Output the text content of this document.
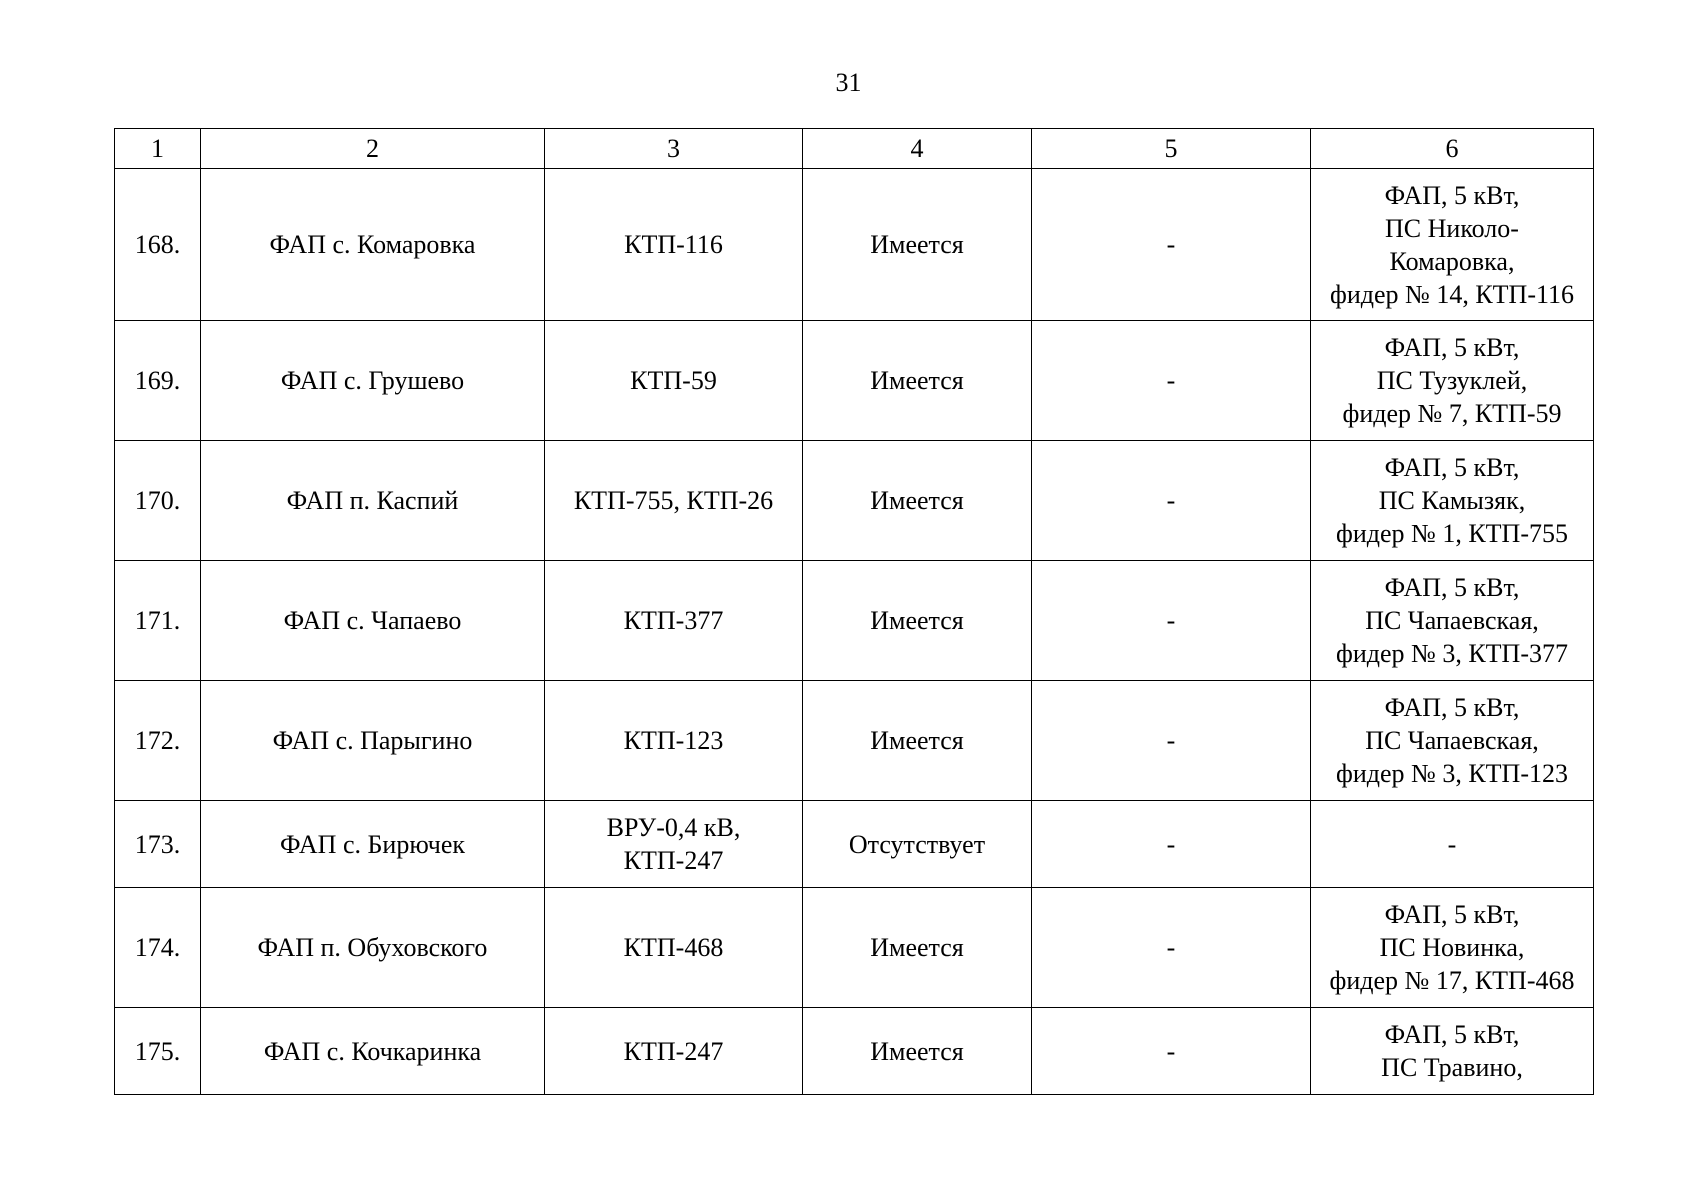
31
1	2	3	4	5	6
168.	ФАП с. Комаровка	КТП-116	Имеется	-	ФАП, 5 кВт,
ПС Николо-
Комаровка,
фидер № 14, КТП-116
169.	ФАП с. Грушево	КТП-59	Имеется	-	ФАП, 5 кВт,
ПС Тузуклей,
фидер № 7, КТП-59
170.	ФАП п. Каспий	КТП-755, КТП-26	Имеется	-	ФАП, 5 кВт,
ПС Камызяк,
фидер № 1, КТП-755
171.	ФАП с. Чапаево	КТП-377	Имеется	-	ФАП, 5 кВт,
ПС Чапаевская,
фидер № 3, КТП-377
172.	ФАП с. Парыгино	КТП-123	Имеется	-	ФАП, 5 кВт,
ПС Чапаевская,
фидер № 3, КТП-123
173.	ФАП с. Бирючек	ВРУ-0,4 кВ,
КТП-247	Отсутствует	-	-
174.	ФАП п. Обуховского	КТП-468	Имеется	-	ФАП, 5 кВт,
ПС Новинка,
фидер № 17, КТП-468
175.	ФАП с. Кочкаринка	КТП-247	Имеется	-	ФАП, 5 кВт,
ПС Травино,
